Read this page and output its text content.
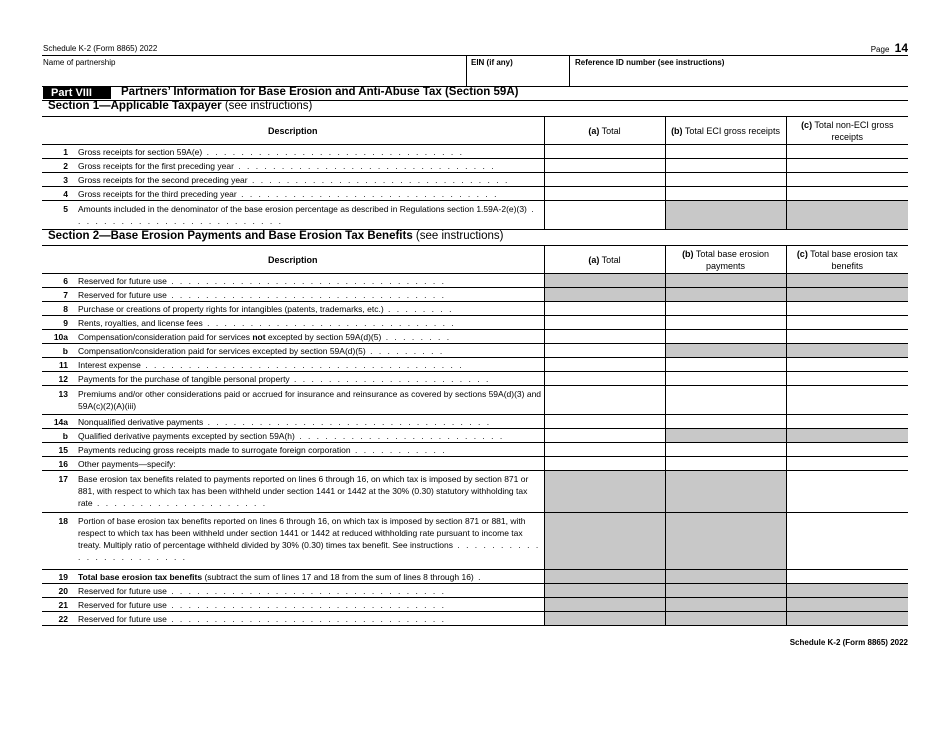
Schedule K-2 (Form 8865) 2022	Page 14
Name of partnership	EIN (if any)	Reference ID number (see instructions)
Part VIII	Partners’ Information for Base Erosion and Anti-Abuse Tax (Section 59A)
Section 1—Applicable Taxpayer (see instructions)
Description		(a) Total	(b) Total ECI gross receipts	(c) Total non-ECI gross receipts
1	Gross receipts for section 59A(e) . . . . . . . . . . . . . . . . . . . . . . . . . . . . . .			
2	Gross receipts for the first preceding year . . . . . . . . . . . . . . . . . . . . . . . . . . . . . .			
3	Gross receipts for the second preceding year . . . . . . . . . . . . . . . . . . . . . . . . . . . . . .			
4	Gross receipts for the third preceding year . . . . . . . . . . . . . . . . . . . . . . . . . . . . . .			
5	Amounts included in the denominator of the base erosion percentage as described in Regulations section 1.59A-2(e)(3) . . . . . . . . . . . . . . . . . . . . . . . . .			
Section 2—Base Erosion Payments and Base Erosion Tax Benefits (see instructions)
Description		(a) Total	(b) Total base erosion payments	(c) Total base erosion tax benefits
6	Reserved for future use . . . . . . . . . . . . . . . . . . . . . . . . . . . . . . . .			
7	Reserved for future use . . . . . . . . . . . . . . . . . . . . . . . . . . . . . . . .			
8	Purchase or creations of property rights for intangibles (patents, trademarks, etc.) . . . . . . . .			
9	Rents, royalties, and license fees . . . . . . . . . . . . . . . . . . . . . . . . . . . . .			
10a	Compensation/consideration paid for services not excepted by section 59A(d)(5) . . . . . . . .			
b	Compensation/consideration paid for services excepted by section 59A(d)(5) . . . . . . . . .			
11	Interest expense . . . . . . . . . . . . . . . . . . . . . . . . . . . . . . . . . . . . .			
12	Payments for the purchase of tangible personal property . . . . . . . . . . . . . . . . . . . . . . .			
13	Premiums and/or other considerations paid or accrued for insurance and reinsurance as covered by sections 59A(d)(3) and 59A(c)(2)(A)(iii)			
14a	Nonqualified derivative payments . . . . . . . . . . . . . . . . . . . . . . . . . . . . . . . . .			
b	Qualified derivative payments excepted by section 59A(h) . . . . . . . . . . . . . . . . . . . . . . . .			
15	Payments reducing gross receipts made to surrogate foreign corporation . . . . . . . . . . .			
16	Other payments—specify:			
17	Base erosion tax benefits related to payments reported on lines 6 through 16, on which tax is imposed by section 871 or 881, with respect to which tax has been withheld under section 1441 or 1442 at the 30% (0.30) statutory withholding tax rate . . . . . . . . . . . . . . . . . . . .			
18	Portion of base erosion tax benefits reported on lines 6 through 16, on which tax is imposed by section 871 or 881, with respect to which tax has been withheld under section 1441 or 1442 at reduced withholding rate pursuant to income tax treaty. Multiply ratio of percentage withheld divided by 30% (0.30) times tax benefit. See instructions . . . . . . . . . . . . . . . . . . . . . . .			
19	Total base erosion tax benefits (subtract the sum of lines 17 and 18 from the sum of lines 8 through 16) .			
20	Reserved for future use . . . . . . . . . . . . . . . . . . . . . . . . . . . . . . . .			
21	Reserved for future use . . . . . . . . . . . . . . . . . . . . . . . . . . . . . . . .			
22	Reserved for future use . . . . . . . . . . . . . . . . . . . . . . . . . . . . . . . .			
Schedule K-2 (Form 8865) 2022
